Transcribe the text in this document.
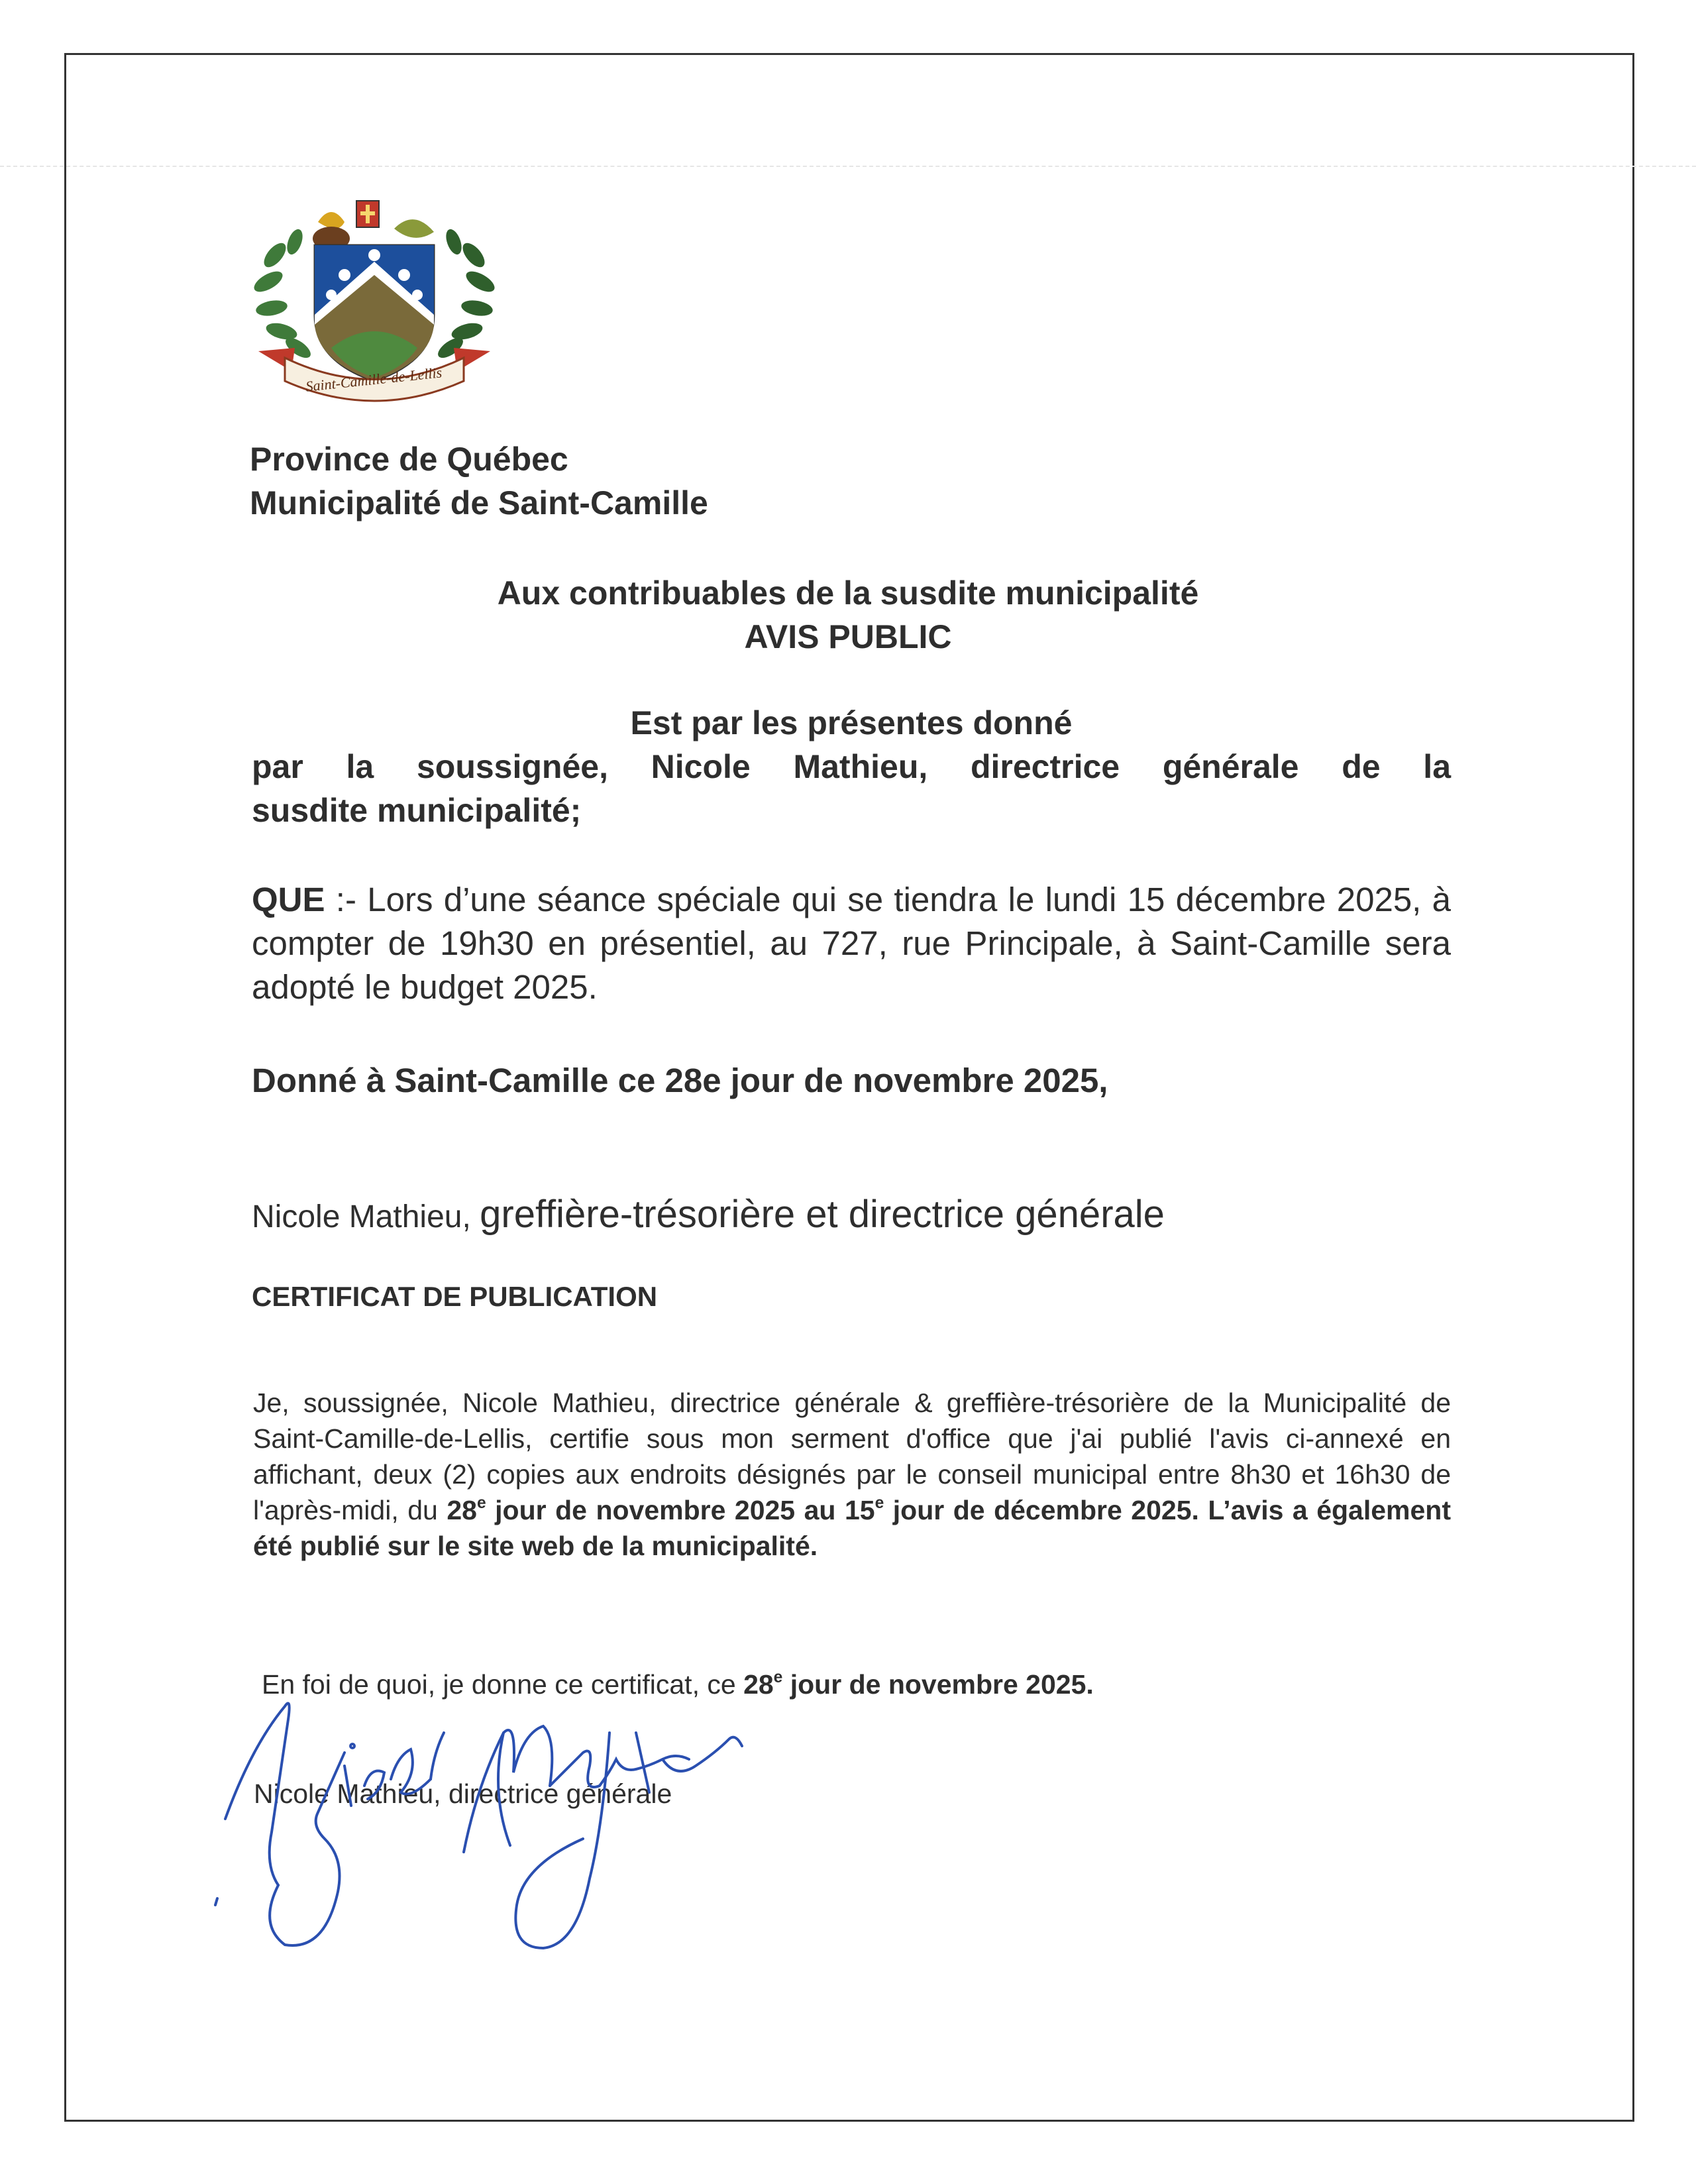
Saint-Camille-de-Lellis
Province de Québec
Municipalité de Saint-Camille
Aux contribuables de la susdite municipalité
AVIS PUBLIC
Est par les présentes donné
par la soussignée, Nicole Mathieu, directrice générale de la
susdite municipalité;
QUE :- Lors d’une séance spéciale qui se tiendra le lundi 15 décembre 2025, à compter de 19h30 en présentiel, au 727, rue Principale, à Saint-Camille sera adopté le budget 2025.
Donné à Saint-Camille ce 28e jour de novembre 2025,
Nicole Mathieu, greffière-trésorière et directrice générale
CERTIFICAT DE PUBLICATION
Je, soussignée, Nicole Mathieu, directrice générale & greffière-trésorière de la Municipalité de Saint-Camille-de-Lellis, certifie sous mon serment d'office que j'ai publié l'avis ci-annexé en affichant, deux (2) copies aux endroits désignés par le conseil municipal entre 8h30 et 16h30 de l'après-midi, du 28e jour de novembre 2025 au 15e jour de décembre 2025. L’avis a également été publié sur le site web de la municipalité.
En foi de quoi, je donne ce certificat, ce 28e jour de novembre 2025.
Nicole Mathieu, directrice générale
